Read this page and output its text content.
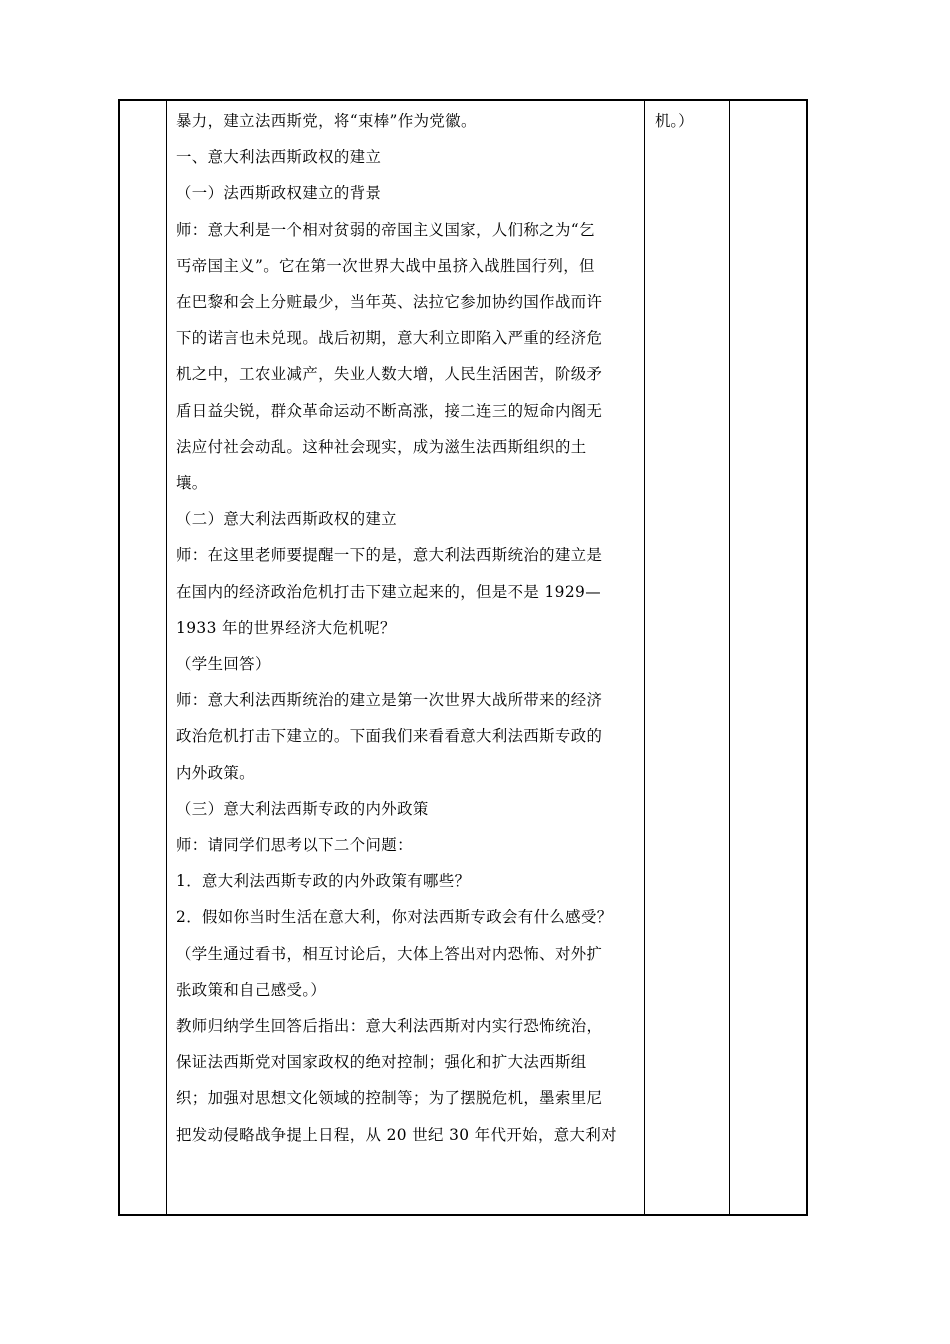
暴力，建立法西斯党，将“束棒”作为党徽。

一、意大利法西斯政权的建立

（一）法西斯政权建立的背景

师：意大利是一个相对贫弱的帝国主义国家，人们称之为“乞

丐帝国主义”。它在第一次世界大战中虽挤入战胜国行列，但

在巴黎和会上分赃最少，当年英、法拉它参加协约国作战而许

下的诺言也未兑现。战后初期，意大利立即陷入严重的经济危

机之中，工农业减产，失业人数大增，人民生活困苦，阶级矛

盾日益尖锐，群众革命运动不断高涨，接二连三的短命内阁无

法应付社会动乱。这种社会现实，成为滋生法西斯组织的土

壤。

（二）意大利法西斯政权的建立

师：在这里老师要提醒一下的是，意大利法西斯统治的建立是

在国内的经济政治危机打击下建立起来的，但是不是 1929—

1933 年的世界经济大危机呢？

（学生回答）

师：意大利法西斯统治的建立是第一次世界大战所带来的经济

政治危机打击下建立的。下面我们来看看意大利法西斯专政的

内外政策。

（三）意大利法西斯专政的内外政策

师：请同学们思考以下二个问题：

1．意大利法西斯专政的内外政策有哪些？

2．假如你当时生活在意大利，你对法西斯专政会有什么感受？

（学生通过看书，相互讨论后，大体上答出对内恐怖、对外扩

张政策和自己感受。）

教师归纳学生回答后指出：意大利法西斯对内实行恐怖统治，

保证法西斯党对国家政权的绝对控制；强化和扩大法西斯组

织；加强对思想文化领域的控制等；为了摆脱危机，墨索里尼

把发动侵略战争提上日程，从 20 世纪 30 年代开始，意大利对

机。）
